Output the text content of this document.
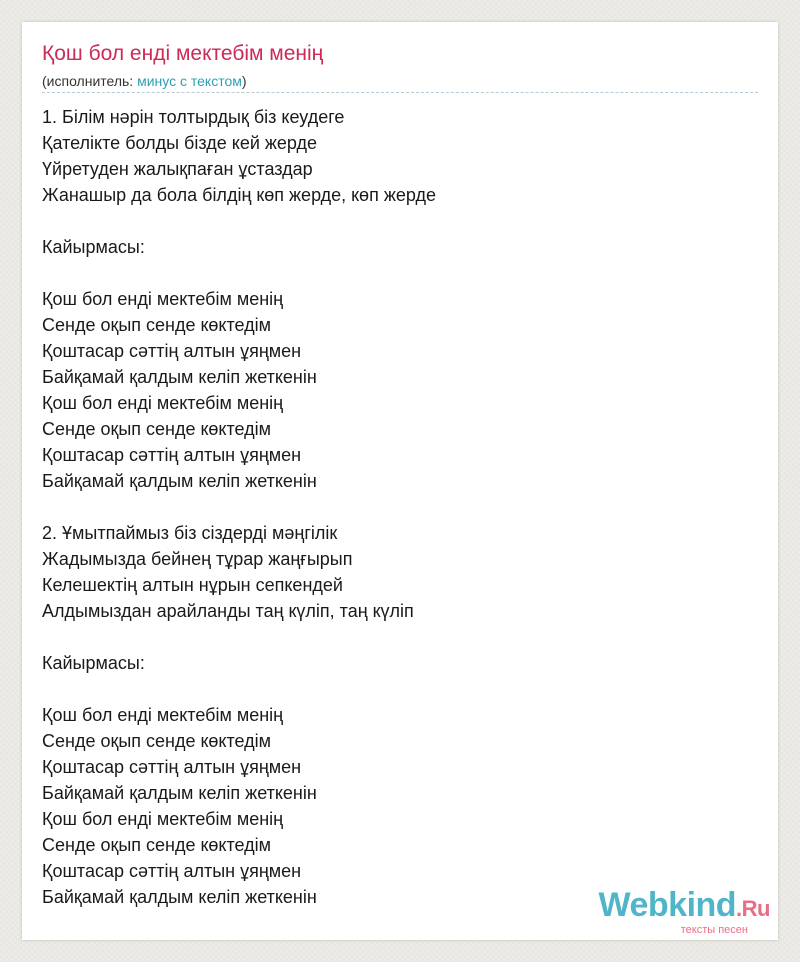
Қош бол енді мектебім менің
(исполнитель: минус с текстом)
1. Білім нәрін толтырдық біз кеудеге
Қателікте болды бізде кей жерде
Үйретуден жалықпаған ұстаздар
Жанашыр да бола білдің көп жерде, көп жерде
Кайырмасы:
Қош бол енді мектебім менің
Сенде оқып сенде көктедім
Қоштасар сәттің алтын ұяңмен
Байқамай қалдым келіп жеткенін
Қош бол енді мектебім менің
Сенде оқып сенде көктедім
Қоштасар сәттің алтын ұяңмен
Байқамай қалдым келіп жеткенін
2. Ұмытпаймыз біз сіздерді мәңгілік
Жадымызда бейнең тұрар жаңғырып
Келешектің алтын нұрын сепкендей
Алдымыздан арайланды таң күліп, таң күліп
Кайырмасы:
Қош бол енді мектебім менің
Сенде оқып сенде көктедім
Қоштасар сәттің алтын ұяңмен
Байқамай қалдым келіп жеткенін
Қош бол енді мектебім менің
Сенде оқып сенде көктедім
Қоштасар сәттің алтын ұяңмен
Байқамай қалдым келіп жеткенін	Webkind.Ru
тексты песен
